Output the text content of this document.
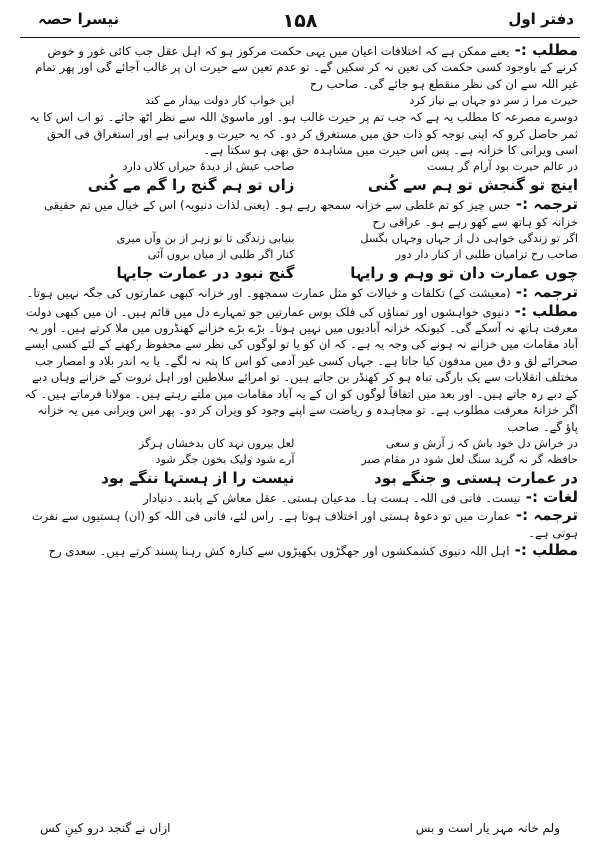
نیسرا حصہ	۱۵۸	دفتر اول

مطلب :- یعنے ممکن ہے کہ اختلافات اعیان میں یہی حکمت مرکوز ہو کہ اہل عقل جب کائی غور و خوض کرنے کے باوجود کسی حکمت کی تعین نہ کر سکیں گے۔ تو عدم تعین سے حیرت ان پر غالب آجائے گی اور پھر تمام غیر اللہ سے ان کی نظر منقطع ہو جائے گی۔ صاحب رح

حیرت مرا ز سر دو جہاں بے نیاز کرد
ایں خواب کار دولت بیدار مے کند

دوسرے مصرعہ کا مطلب یہ ہے کہ جب تم پر حیرت غالب ہو۔ اور ماسویٰ اللہ سے نظر اٹھ جائے۔ تو اب اس کا یہ ثمر حاصل کرو کہ اپنی توجہ کو ذات حق میں مستغرق کر دو۔ کہ یہ حیرت و ویرانی ہے اور استغراق فی الحق اسی ویرانی کا خزانہ ہے۔ پس اس حیرت میں مشاہدہ حق بھی ہو سکتا ہے۔

در عالم حیرت بود آرام گر ہست
صاحب عیش از دیدۂ حیراں کلاں دارد
اینچ تو گنجش تو ہم سے کُنی
زاں تو ہم گنج را گم مے کُنی

ترجمہ :- جس چیز کو تم غلطی سے خزانہ سمجھ رہے ہو۔ (یعنی لذات دنیویہ) اس کے خیال میں تم حقیقی خزانہ کو ہاتھ سے کھو رہے ہو۔ عراقی رح

اگر تو زندگی خواہی دل از جہاں وجہاں بگسل
بنیابی زندگی تا نو زہر از بن وآں میری
صاحب رح تزامیاں طلبی از کنار دار دور
کنار اگر طلبی از میاں بروں آئی
چوں عمارت دان تو وہم و رایہا
گنج نبود در عمارت جایہا

ترجمہ :- (معیشت کے) تکلفات و خیالات کو مثل عمارت سمجھو۔ اور خزانہ کبھی عمارتوں کی جگہ نہیں ہوتا۔

مطلب :- دنیوی خواہشوں اور تمناؤں کی فلک بوس عمارتیں جو تمہارے دل میں قائم ہیں۔ ان میں کبھی دولت معرفت ہاتھ نہ آسکے گی۔ کیونکہ خزانہ آبادیوں میں نہیں ہوتا۔ بڑے بڑے خزانے کھنڈروں میں ملا کرتے ہیں۔ اور یہ آباد مقامات میں خزانے نہ ہونے کی وجہ یہ ہے۔ کہ ان کو یا تو لوگوں کی نظر سے محفوظ رکھنے کے لئے کسی ایسے صحرائے لق و دق میں مدفون کیا جاتا ہے۔ جہاں کسی غیر آدمی کو اس کا پتہ نہ لگے۔ یا یہ اندر بلاد و امصار جب مختلف انقلابات سے یک بارگی تباہ ہو کر کھنڈر بن جاتے ہیں۔ تو امرائے سلاطین اور اہل ثروت کے خزانے وہاں دبے کے دبے رہ جاتے ہیں۔ اور بعد میں اتفاقاً لوگوں کو ان کے یہ آباد مقامات میں ملتے رہتے ہیں۔ مولانا فرماتے ہیں۔ کہ اگر خزانۂ معرفت مطلوب ہے۔ تو مجاہدہ و ریاضت سے اپنے وجود کو ویران کر دو۔ پھر اس ویرانی میں یہ خزانہ پاؤ گے۔ صاحب

در خراش دل خود باش کہ ز آزش و سعی
لعل بیروں نہد کاں بدخشاں ہرگز
حافظہ گر نہ گرید سنگ لعل شود در مقام صبر
آرے شود ولیک بخون جگر شود
در عمارت ہستی و جنگے بود
نیست را از ہستہا ننگے بود

لغات :- نیست۔ فانی فی اللہ۔ ہست ہا۔ مدعیان ہستی۔ عقل معاش کے پابند۔ دنیادار

ترجمہ :- عمارت میں تو دعوۂ ہستی اور اختلاف ہوتا ہے۔ راس لئے، فانی فی اللہ کو (ان) ہستیوں سے نفرت ہوتی ہے۔

مطلب :- اہل اللہ دنیوی کشمکشوں اور جھگڑوں بکھیڑوں سے کنارہ کش رہنا پسند کرتے ہیں۔ سعدی رح

ولم خانہ مہر یار است و بس
ازاں نے گنجد درو کینِ کس
